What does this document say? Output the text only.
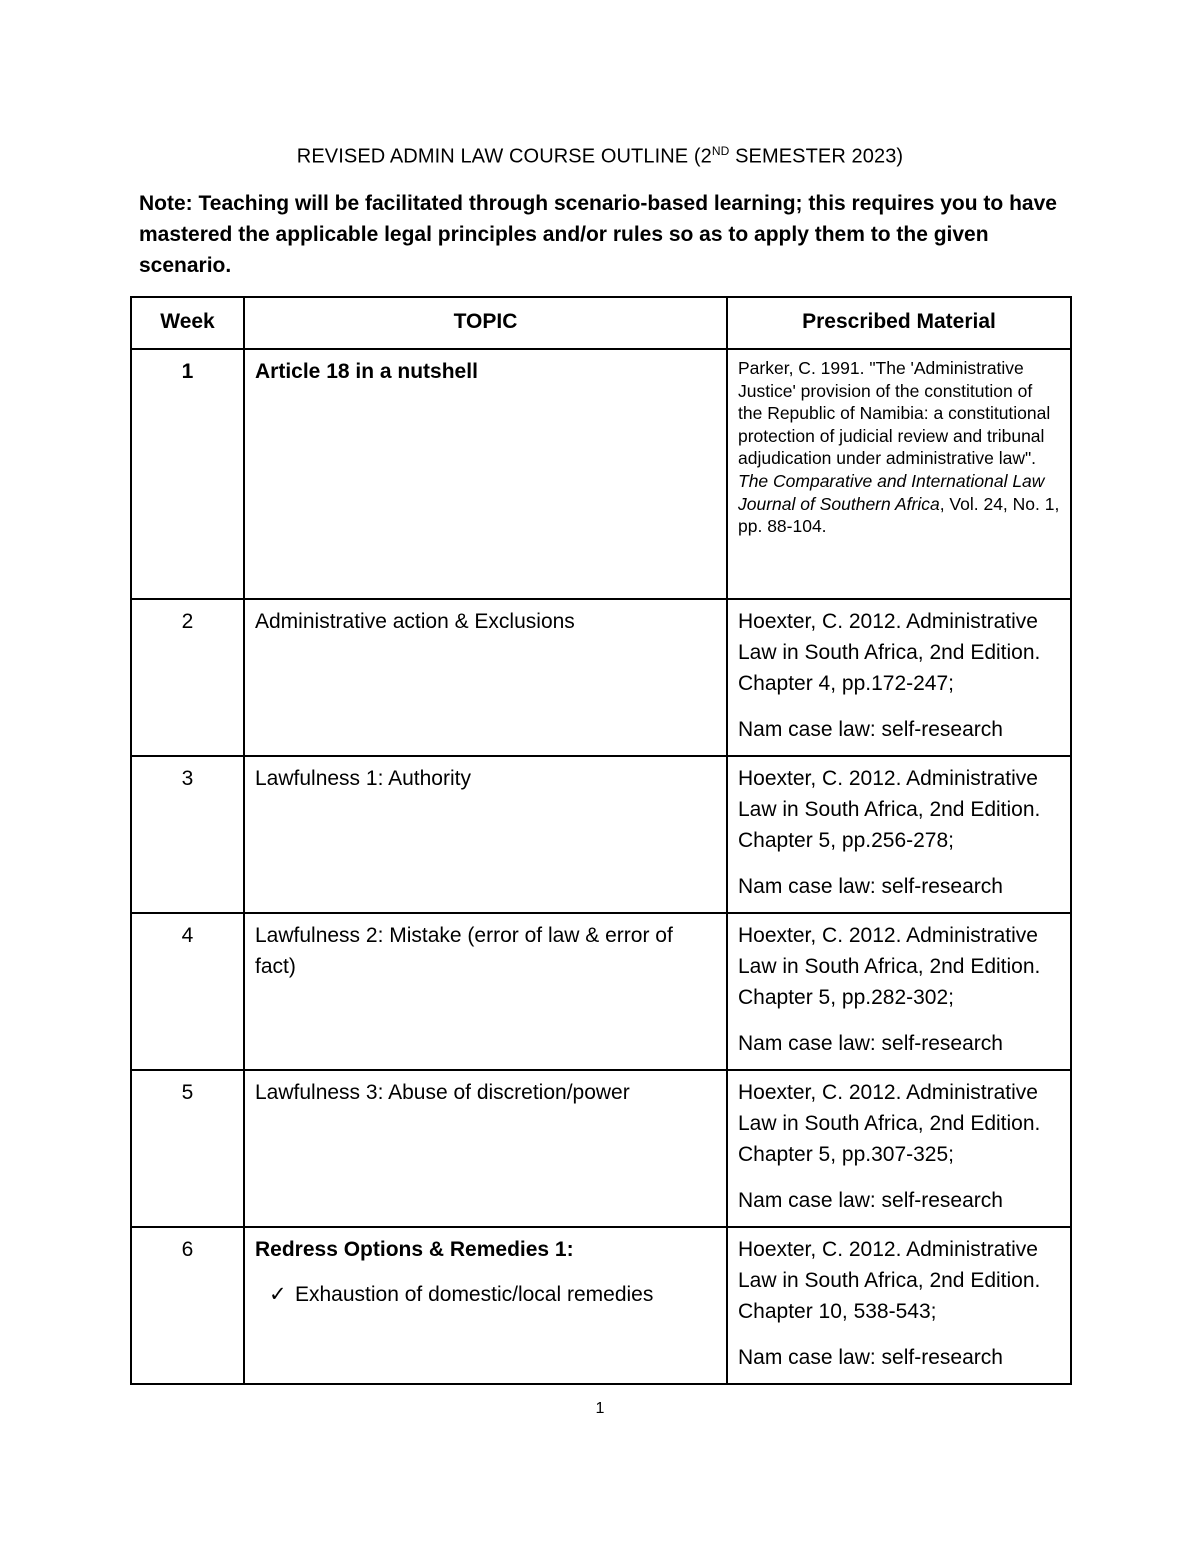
REVISED ADMIN LAW COURSE OUTLINE (2ND SEMESTER 2023)
Note: Teaching will be facilitated through scenario-based learning; this requires you to have mastered the applicable legal principles and/or rules so as to apply them to the given scenario.
Week	TOPIC	Prescribed Material
1	Article 18 in a nutshell	Parker, C. 1991. "The 'Administrative Justice' provision of the constitution of the Republic of Namibia: a constitutional protection of judicial review and tribunal adjudication under administrative law". The Comparative and International Law Journal of Southern Africa, Vol. 24, No. 1, pp. 88-104.

2	Administrative action & Exclusions	Hoexter, C. 2012. Administrative Law in South Africa, 2nd Edition. Chapter 4, pp.172-247;
Nam case law: self-research

3	Lawfulness 1: Authority	Hoexter, C. 2012. Administrative Law in South Africa, 2nd Edition. Chapter 5, pp.256-278;
Nam case law: self-research

4	Lawfulness 2: Mistake (error of law & error of fact)	Hoexter, C. 2012. Administrative Law in South Africa, 2nd Edition. Chapter 5, pp.282-302;
Nam case law: self-research

5	Lawfulness 3: Abuse of discretion/power	Hoexter, C. 2012. Administrative Law in South Africa, 2nd Edition. Chapter 5, pp.307-325;
Nam case law: self-research

6	Redress Options & Remedies 1:
✓ Exhaustion of domestic/local remedies	Hoexter, C. 2012. Administrative Law in South Africa, 2nd Edition. Chapter 10, 538-543;
Nam case law: self-research
1
